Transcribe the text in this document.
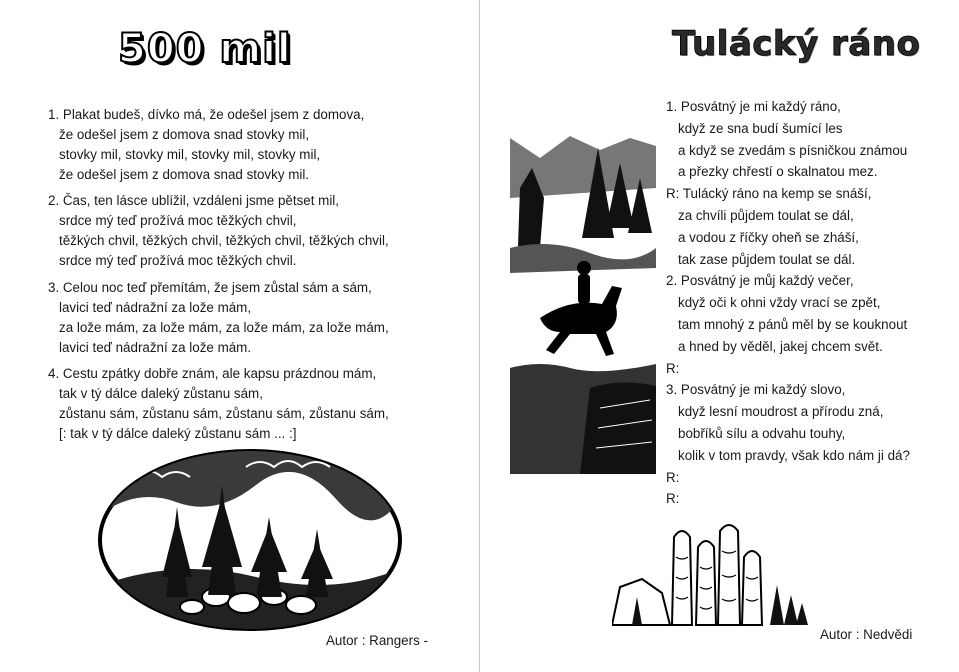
500 mil
1. Plakat budeš, dívko má, že odešel jsem z domova,
že odešel jsem z domova snad stovky mil,
stovky mil, stovky mil, stovky mil, stovky mil,
že odešel jsem z domova snad stovky mil.
2. Čas, ten lásce ublížil, vzdáleni jsme pětset mil,
srdce mý teď prožívá moc těžkých chvil,
těžkých chvil, těžkých chvil, těžkých chvil, těžkých chvil,
srdce mý teď prožívá moc těžkých chvil.
3. Celou noc teď přemítám, že jsem zůstal sám a sám,
lavici teď nádražní za lože mám,
za lože mám, za lože mám, za lože mám, za lože mám,
lavici teď nádražní za lože mám.
4. Cestu zpátky dobře znám, ale kapsu prázdnou mám,
tak v tý dálce daleký zůstanu sám,
zůstanu sám, zůstanu sám, zůstanu sám, zůstanu sám,
[: tak v tý dálce daleký zůstanu sám ... :]
Autor : Rangers -
Tulácký ráno
1. Posvátný je mi každý ráno,
když ze sna budí šumící les
a když se zvedám s písničkou známou
a přezky chřestí o skalnatou mez.
R: Tulácký ráno na kemp se snáší,
za chvíli půjdem toulat se dál,
a vodou z říčky oheň se zháší,
tak zase půjdem toulat se dál.
2. Posvátný je můj každý večer,
když oči k ohni vždy vrací se zpět,
tam mnohý z pánů měl by se kouknout
a hned by věděl, jakej chcem svět.
R:
3. Posvátný je mi každý slovo,
když lesní moudrost a přírodu zná,
bobříků sílu a odvahu touhy,
kolik v tom pravdy, však kdo nám ji dá?
R:
R:
Autor : Nedvědi
